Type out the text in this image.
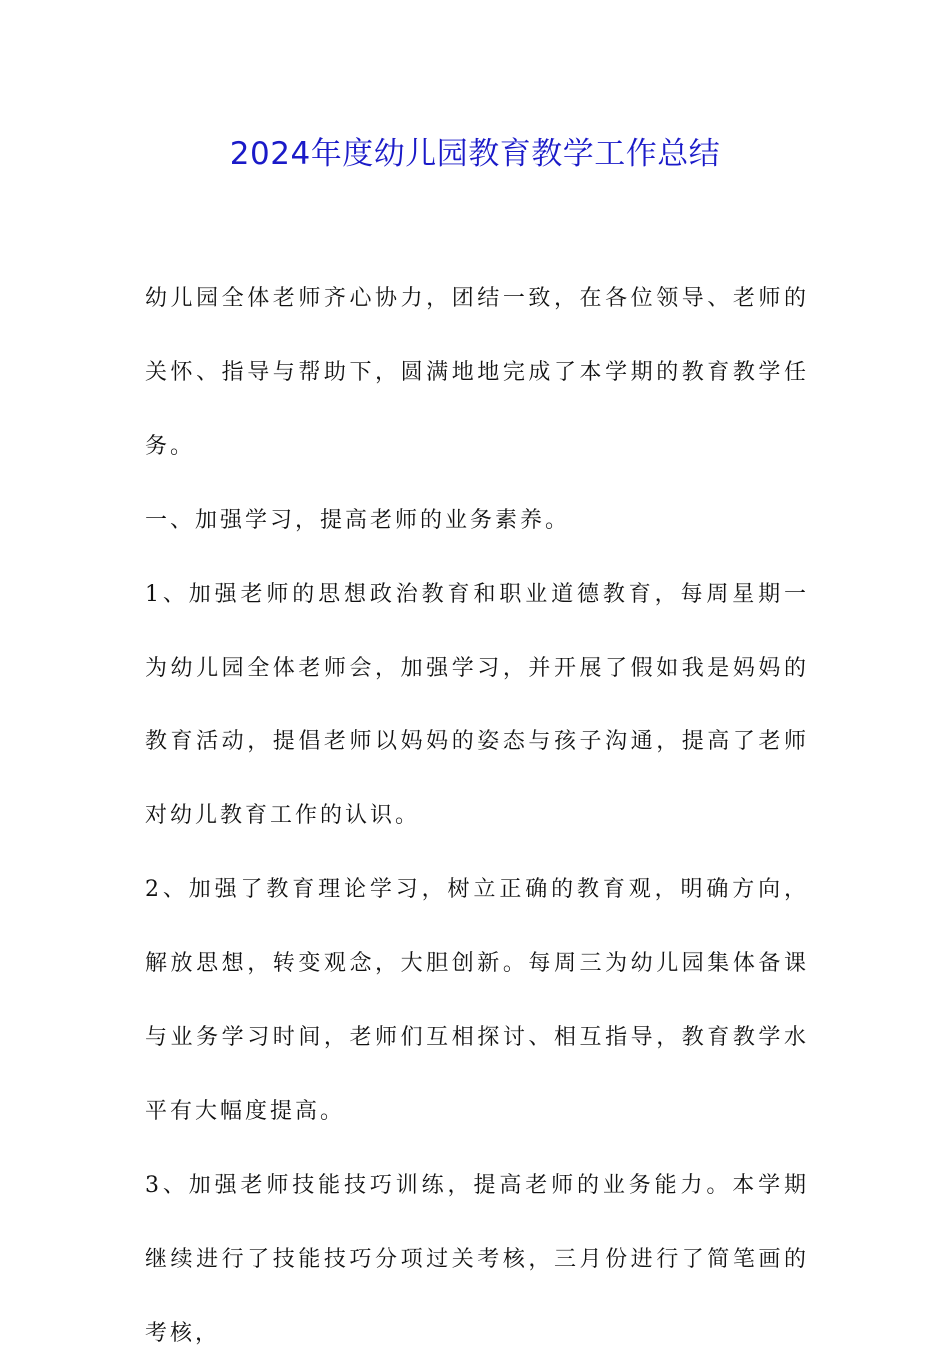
2024年度幼儿园教育教学工作总结

幼儿园全体老师齐心协力，团结一致，在各位领导、老师的关怀、指导与帮助下，圆满地地完成了本学期的教育教学任务。

一、加强学习，提高老师的业务素养。

1、加强老师的思想政治教育和职业道德教育，每周星期一为幼儿园全体老师会，加强学习，并开展了假如我是妈妈的教育活动，提倡老师以妈妈的姿态与孩子沟通，提高了老师对幼儿教育工作的认识。

2、加强了教育理论学习，树立正确的教育观，明确方向，解放思想，转变观念，大胆创新。每周三为幼儿园集体备课与业务学习时间，老师们互相探讨、相互指导，教育教学水平有大幅度提高。

3、加强老师技能技巧训练，提高老师的业务能力。本学期继续进行了技能技巧分项过关考核，三月份进行了简笔画的考核，
